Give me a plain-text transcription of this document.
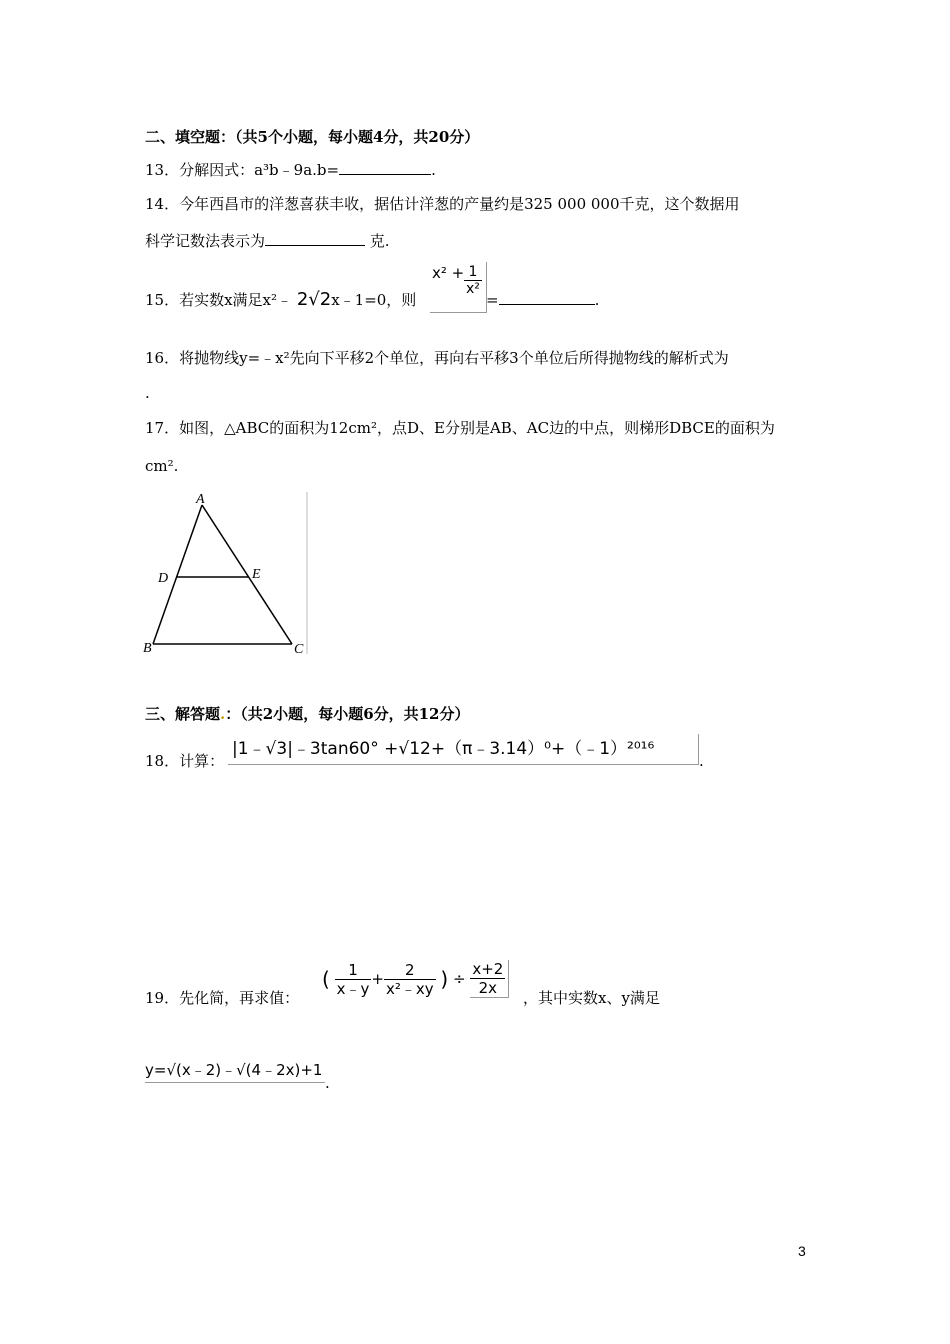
二、填空题：（共5个小题，每小题4分，共20分）
13．分解因式：a³b﹣9a.b=	.
14．今年西昌市的洋葱喜获丰收，据估计洋葱的产量约是325 000 000千克，这个数据用
科学记数法表示为	克.
15．若实数x满足x²﹣ 2√2x﹣1=0，则
$x^2 + \frac{1}{\text{x²}}$
=	.
16．将抛物线y=﹣x²先向下平移2个单位，再向右平移3个单位后所得抛物线的解析式为
.
17．如图，△ABC的面积为12cm²，点D、E分别是AB、AC边的中点，则梯形DBCE的面积为
cm².
A
D	E
B	C
三、解答题.：（共2小题，每小题6分，共12分）
18．计算：
|1﹣√3|﹣3tan60° +√12+（π﹣3.14）⁰+（﹣1）²⁰¹⁶
.
19．先化简，再求值：
( $\frac{1}{x﹣y} + \frac{2}{\text{x²﹣xy}}$ ) ÷ $\frac{x+2}{2x}$ ，其中实数x、y满足
y=√(x﹣2)﹣√(4﹣2x)+1
.
3
